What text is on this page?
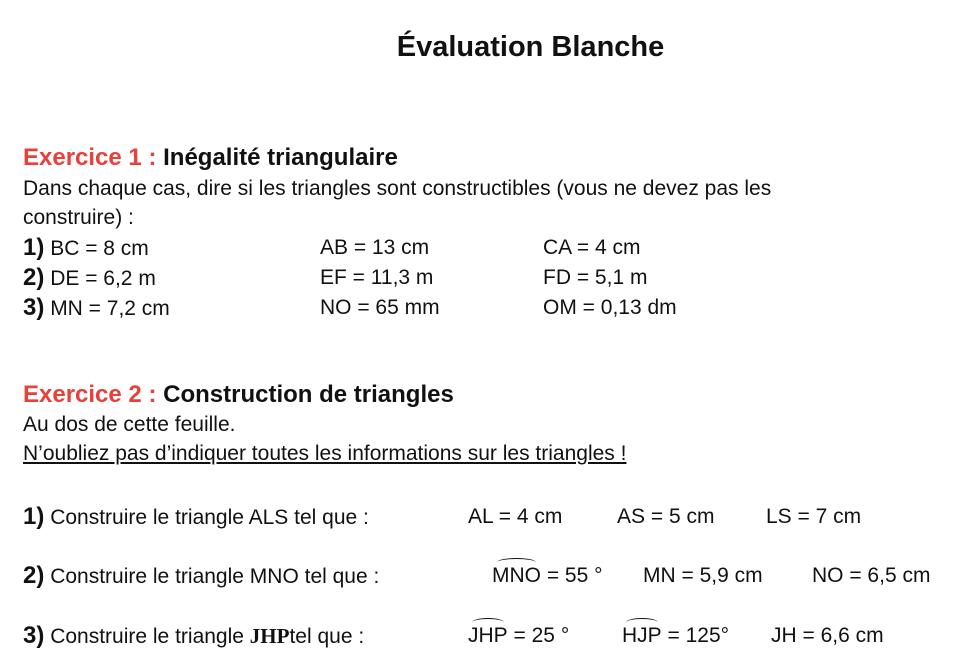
Évaluation Blanche
Exercice 1 : Inégalité triangulaire
Dans chaque cas, dire si les triangles sont constructibles (vous ne devez pas les
construire) :
1) BC = 8 cm	AB = 13 cm	CA = 4 cm
2) DE = 6,2 m	EF = 11,3 m	FD = 5,1 m
3) MN = 7,2 cm	NO = 65 mm	OM = 0,13 dm
Exercice 2 : Construction de triangles
Au dos de cette feuille.
N’oubliez pas d’indiquer toutes les informations sur les triangles !
1) Construire le triangle ALS tel que :	AL = 4 cm	AS = 5 cm LS = 7 cm
2) Construire le triangle MNO tel que :	MNO = 55 ° MN = 5,9 cm NO = 6,5 cm
3) Construire le triangle JHPtel que :	JHP = 25 °	HJP = 125° JH = 6,6 cm
